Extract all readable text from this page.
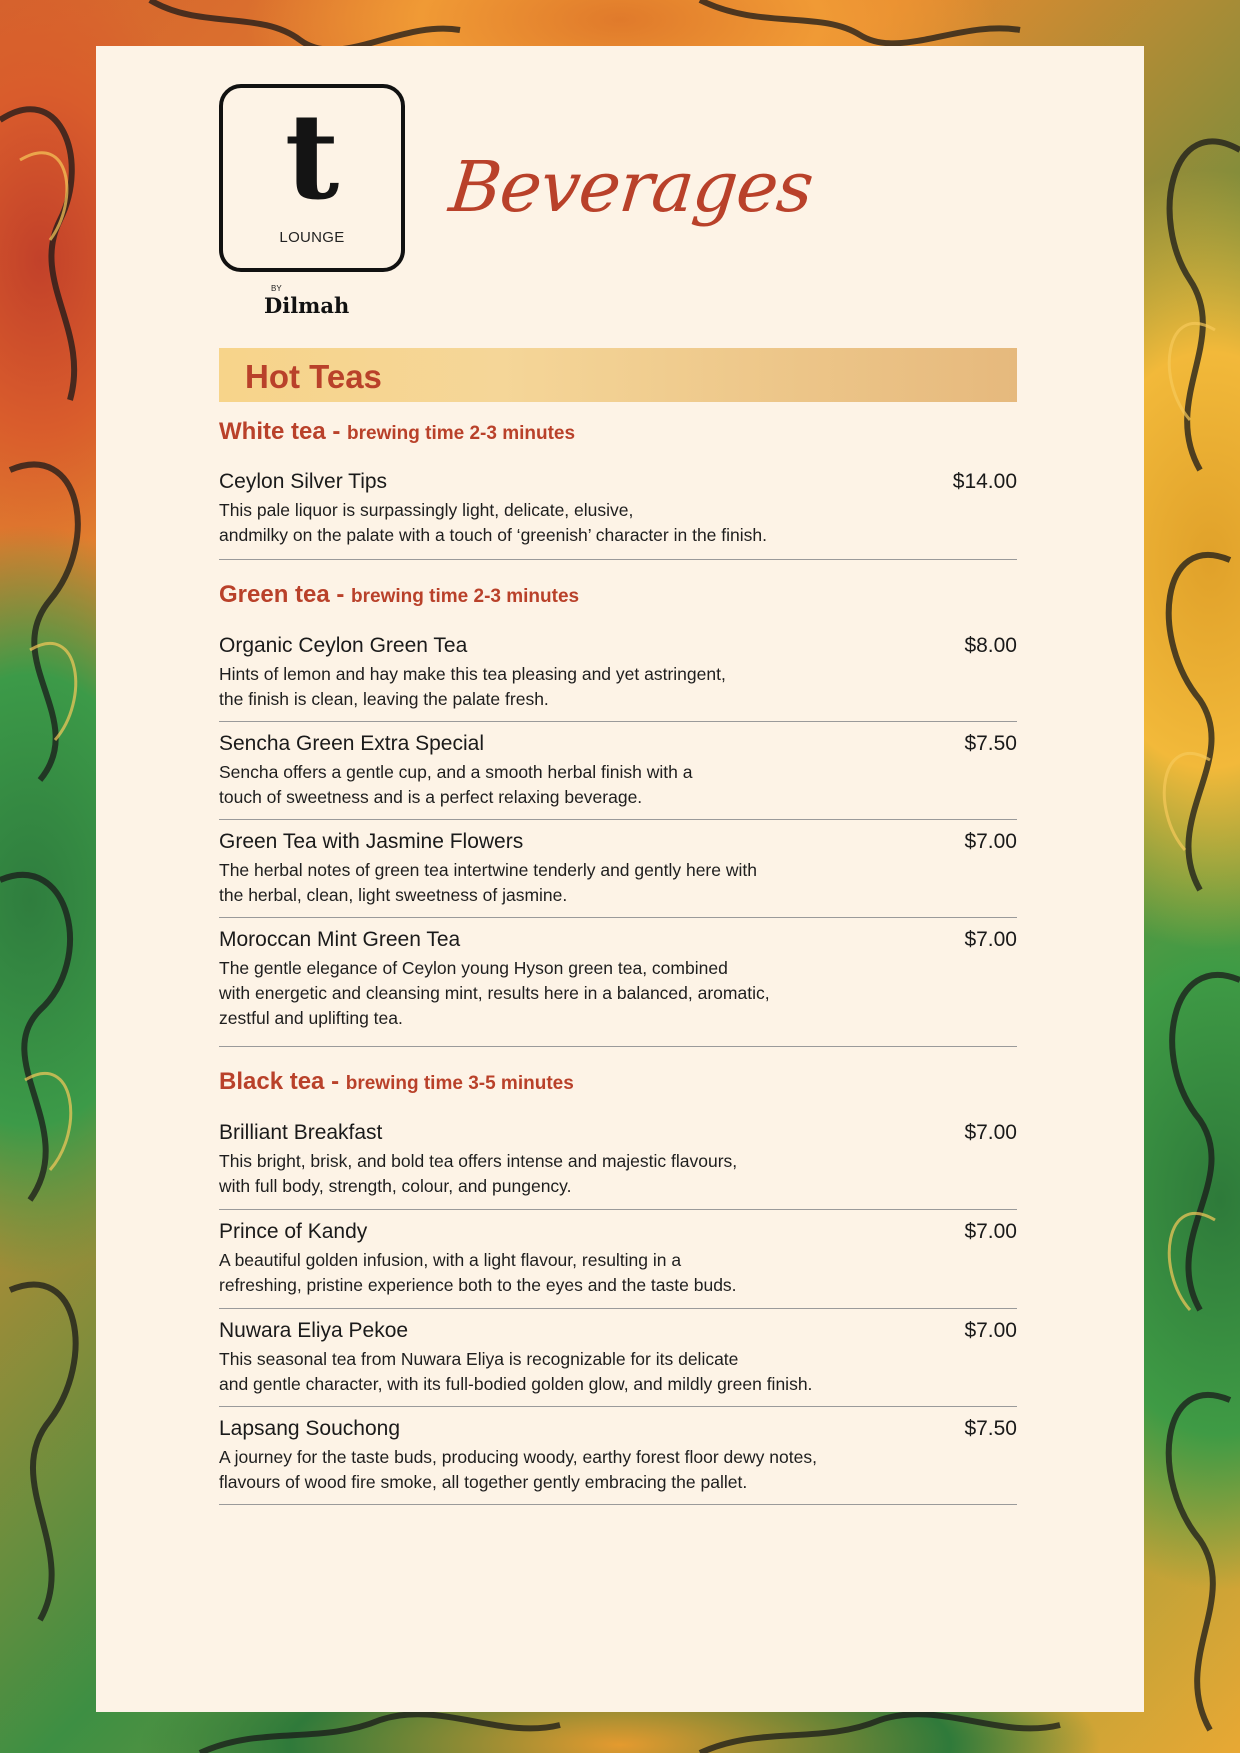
t
LOUNGE
BY
Dilmah
Beverages
Hot Teas
White tea - brewing time 2-3 minutes
Ceylon Silver Tips	$14.00
This pale liquor is surpassingly light, delicate, elusive,
andmilky on the palate with a touch of ‘greenish’ character in the finish.
Green tea - brewing time 2-3 minutes
Organic Ceylon Green Tea	$8.00
Hints of lemon and hay make this tea pleasing and yet astringent,
the finish is clean, leaving the palate fresh.
Sencha Green Extra Special	$7.50
Sencha offers a gentle cup, and a smooth herbal finish with a
touch of sweetness and is a perfect relaxing beverage.
Green Tea with Jasmine Flowers	$7.00
The herbal notes of green tea intertwine tenderly and gently here with
the herbal, clean, light sweetness of jasmine.
Moroccan Mint Green Tea	$7.00
The gentle elegance of Ceylon young Hyson green tea, combined
with energetic and cleansing mint, results here in a balanced, aromatic,
zestful and uplifting tea.
Black tea - brewing time 3-5 minutes
Brilliant Breakfast	$7.00
This bright, brisk, and bold tea offers intense and majestic flavours,
with full body, strength, colour, and pungency.
Prince of Kandy	$7.00
A beautiful golden infusion, with a light flavour, resulting in a
refreshing, pristine experience both to the eyes and the taste buds.
Nuwara Eliya Pekoe	$7.00
This seasonal tea from Nuwara Eliya is recognizable for its delicate
and gentle character, with its full-bodied golden glow, and mildly green finish.
Lapsang Souchong	$7.50
A journey for the taste buds, producing woody, earthy forest floor dewy notes,
flavours of wood fire smoke, all together gently embracing the pallet.
